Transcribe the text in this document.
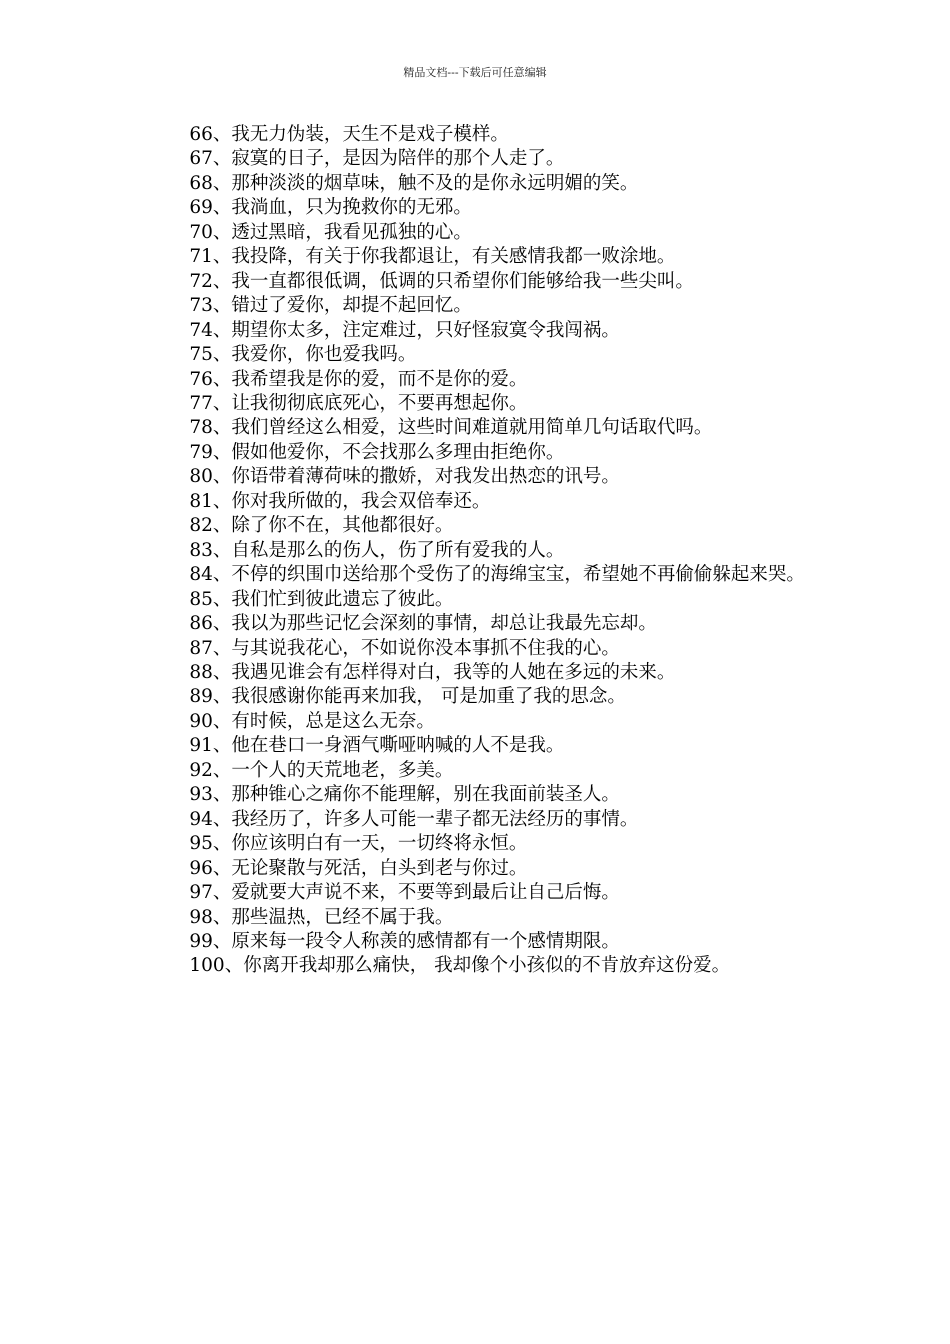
精品文档---下载后可任意编辑

66、我无力伪装，天生不是戏子模样。

67、寂寞的日子，是因为陪伴的那个人走了。

68、那种淡淡的烟草味，触不及的是你永远明媚的笑。

69、我淌血，只为挽救你的无邪。

70、透过黑暗，我看见孤独的心。

71、我投降，有关于你我都退让，有关感情我都一败涂地。

72、我一直都很低调，低调的只希望你们能够给我一些尖叫。

73、错过了爱你，却提不起回忆。

74、期望你太多，注定难过，只好怪寂寞令我闯祸。

75、我爱你，你也爱我吗。

76、我希望我是你的爱，而不是你的爱。

77、让我彻彻底底死心，不要再想起你。

78、我们曾经这么相爱，这些时间难道就用简单几句话取代吗。

79、假如他爱你，不会找那么多理由拒绝你。

80、你语带着薄荷味的撒娇，对我发出热恋的讯号。

81、你对我所做的，我会双倍奉还。

82、除了你不在，其他都很好。

83、自私是那么的伤人，伤了所有爱我的人。

84、不停的织围巾送给那个受伤了的海绵宝宝，希望她不再偷偷躲起来哭。

85、我们忙到彼此遗忘了彼此。

86、我以为那些记忆会深刻的事情，却总让我最先忘却。

87、与其说我花心，不如说你没本事抓不住我的心。

88、我遇见谁会有怎样得对白，我等的人她在多远的未来。

89、我很感谢你能再来加我， 可是加重了我的思念。

90、有时候，总是这么无奈。

91、他在巷口一身酒气嘶哑呐喊的人不是我。

92、一个人的天荒地老，多美。

93、那种锥心之痛你不能理解，别在我面前装圣人。

94、我经历了，许多人可能一辈子都无法经历的事情。

95、你应该明白有一天，一切终将永恒。

96、无论聚散与死活，白头到老与你过。

97、爱就要大声说不来，不要等到最后让自己后悔。

98、那些温热，已经不属于我。

99、原来每一段令人称羡的感情都有一个感情期限。

100、你离开我却那么痛快， 我却像个小孩似的不肯放弃这份爱。
